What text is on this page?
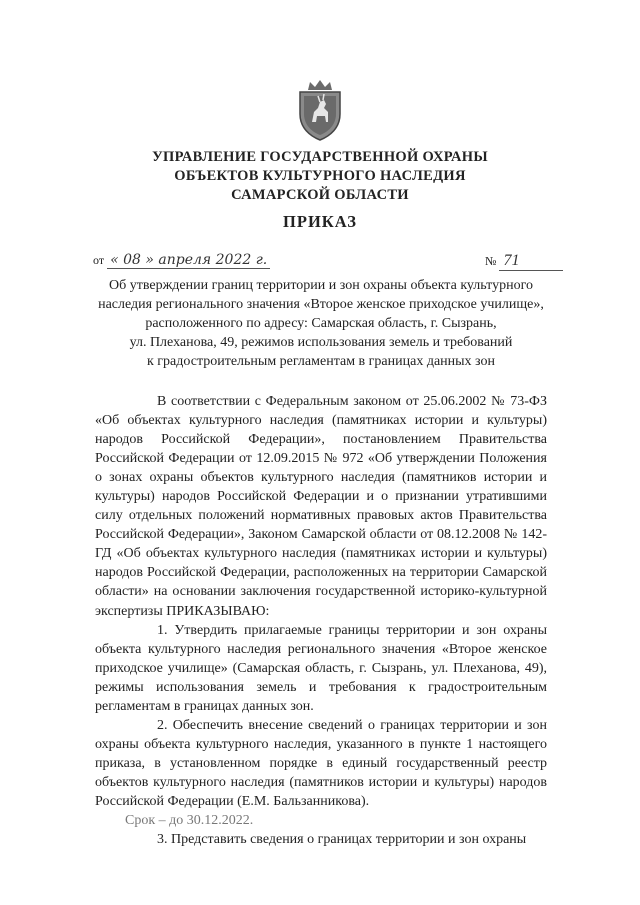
УПРАВЛЕНИЕ ГОСУДАРСТВЕННОЙ ОХРАНЫ
ОБЪЕКТОВ КУЛЬТУРНОГО НАСЛЕДИЯ
САМАРСКОЙ ОБЛАСТИ
ПРИКАЗ
от « 08 » апреля 2022 г.	№ 71
Об утверждении границ территории и зон охраны объекта культурного
наследия регионального значения «Второе женское приходское училище»,
расположенного по адресу: Самарская область, г. Сызрань,
ул. Плеханова, 49, режимов использования земель и требований
к градостроительным регламентам в границах данных зон

В соответствии с Федеральным законом от 25.06.2002 № 73-ФЗ «Об объектах культурного наследия (памятниках истории и культуры) народов Российской Федерации», постановлением Правительства Российской Федерации от 12.09.2015 № 972 «Об утверждении Положения о зонах охраны объектов культурного наследия (памятников истории и культуры) народов Российской Федерации и о признании утратившими силу отдельных положений нормативных правовых актов Правительства Российской Федерации», Законом Самарской области от 08.12.2008 № 142-ГД «Об объектах культурного наследия (памятниках истории и культуры) народов Российской Федерации, расположенных на территории Самарской области» на основании заключения государственной историко-культурной экспертизы ПРИКАЗЫВАЮ:

1. Утвердить прилагаемые границы территории и зон охраны объекта культурного наследия регионального значения «Второе женское приходское училище» (Самарская область, г. Сызрань, ул. Плеханова, 49), режимы использования земель и требования к градостроительным регламентам в границах данных зон.

2. Обеспечить внесение сведений о границах территории и зон охраны объекта культурного наследия, указанного в пункте 1 настоящего приказа, в установленном порядке в единый государственный реестр объектов культурного наследия (памятников истории и культуры) народов Российской Федерации (Е.М. Бальзанникова).

Срок – до 30.12.2022.

3. Представить сведения о границах территории и зон охраны
